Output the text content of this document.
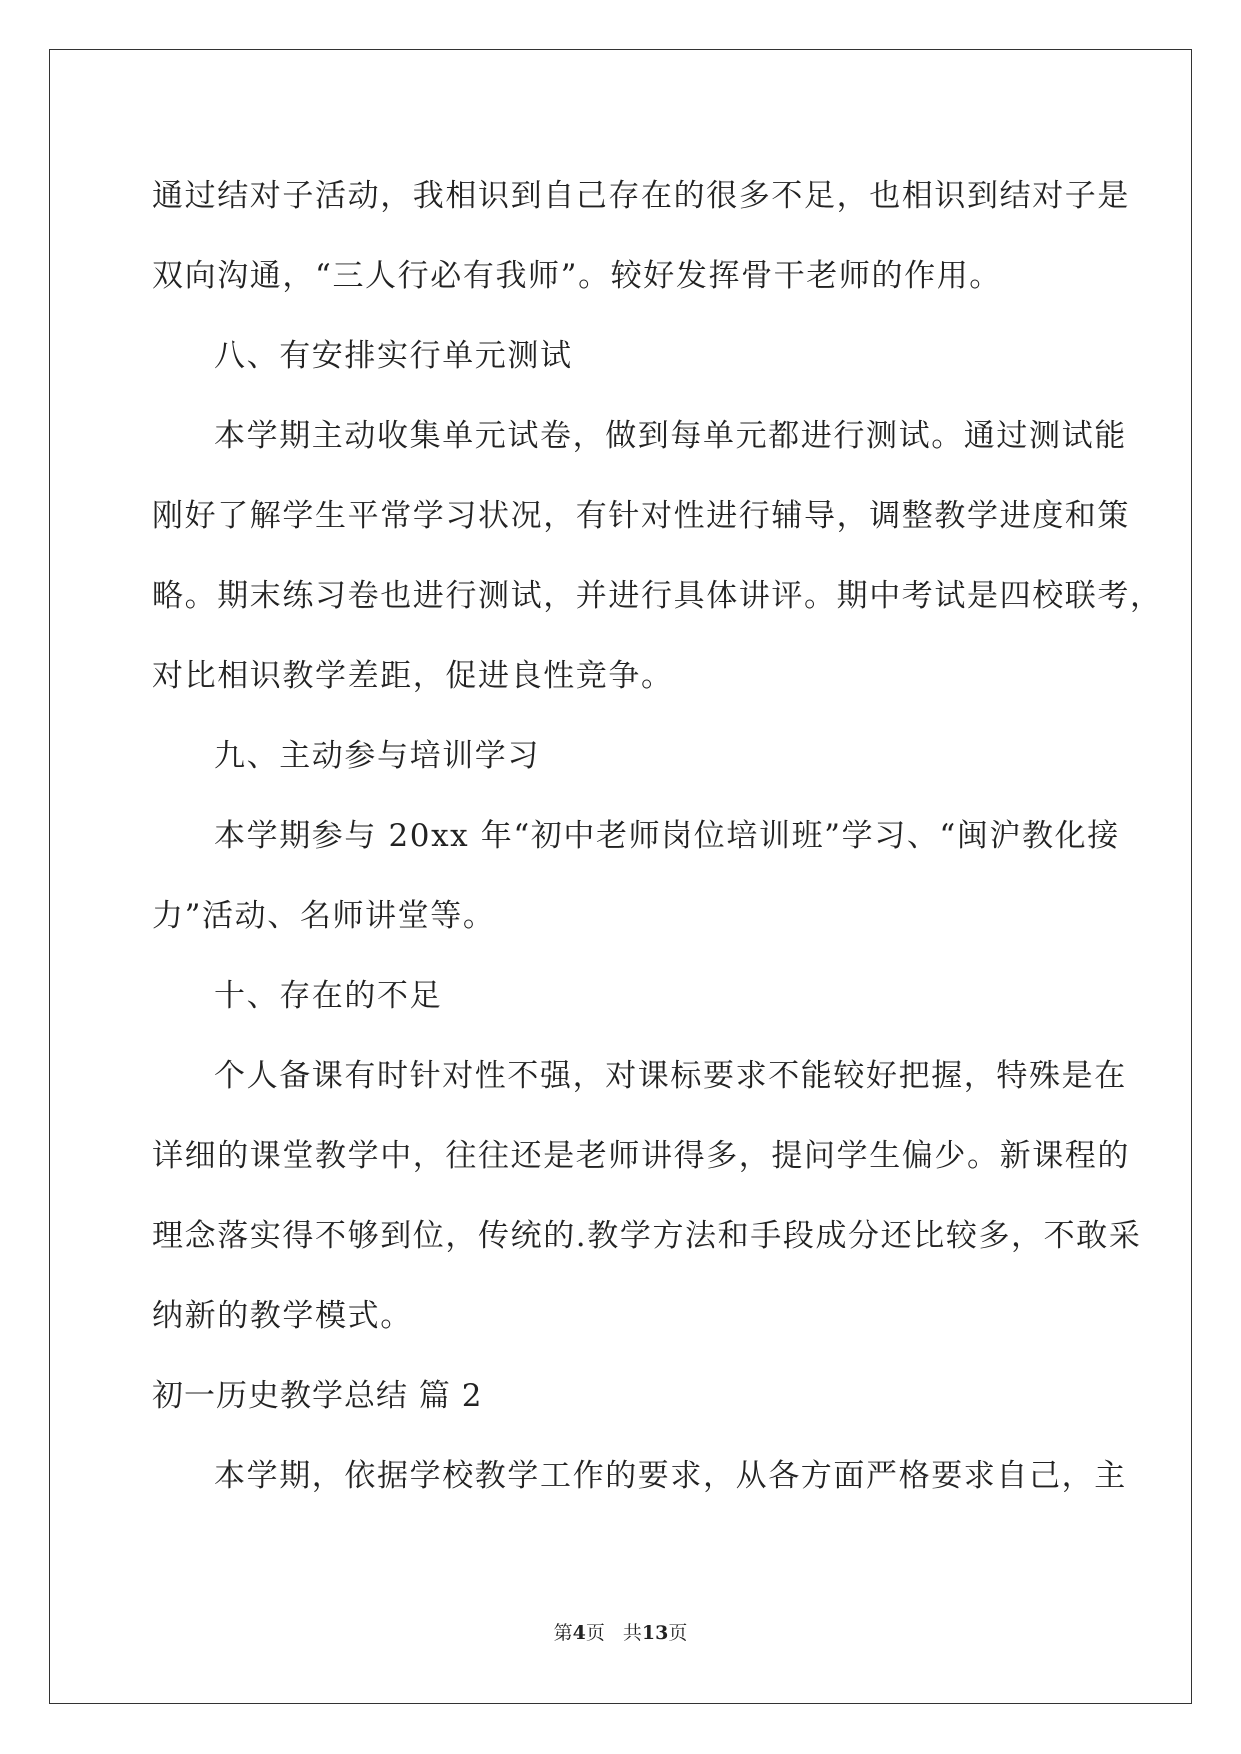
通过结对子活动，我相识到自己存在的很多不足，也相识到结对子是
双向沟通，“三人行必有我师”。较好发挥骨干老师的作用。
八、有安排实行单元测试
本学期主动收集单元试卷，做到每单元都进行测试。通过测试能
刚好了解学生平常学习状况，有针对性进行辅导，调整教学进度和策
略。期末练习卷也进行测试，并进行具体讲评。期中考试是四校联考，
对比相识教学差距，促进良性竞争。
九、主动参与培训学习
本学期参与 20xx 年“初中老师岗位培训班”学习、“闽沪教化接
力”活动、名师讲堂等。
十、存在的不足
个人备课有时针对性不强，对课标要求不能较好把握，特殊是在
详细的课堂教学中，往往还是老师讲得多，提问学生偏少。新课程的
理念落实得不够到位，传统的.教学方法和手段成分还比较多，不敢采
纳新的教学模式。
初一历史教学总结 篇 2
本学期，依据学校教学工作的要求，从各方面严格要求自己，主
第4页 共13页
